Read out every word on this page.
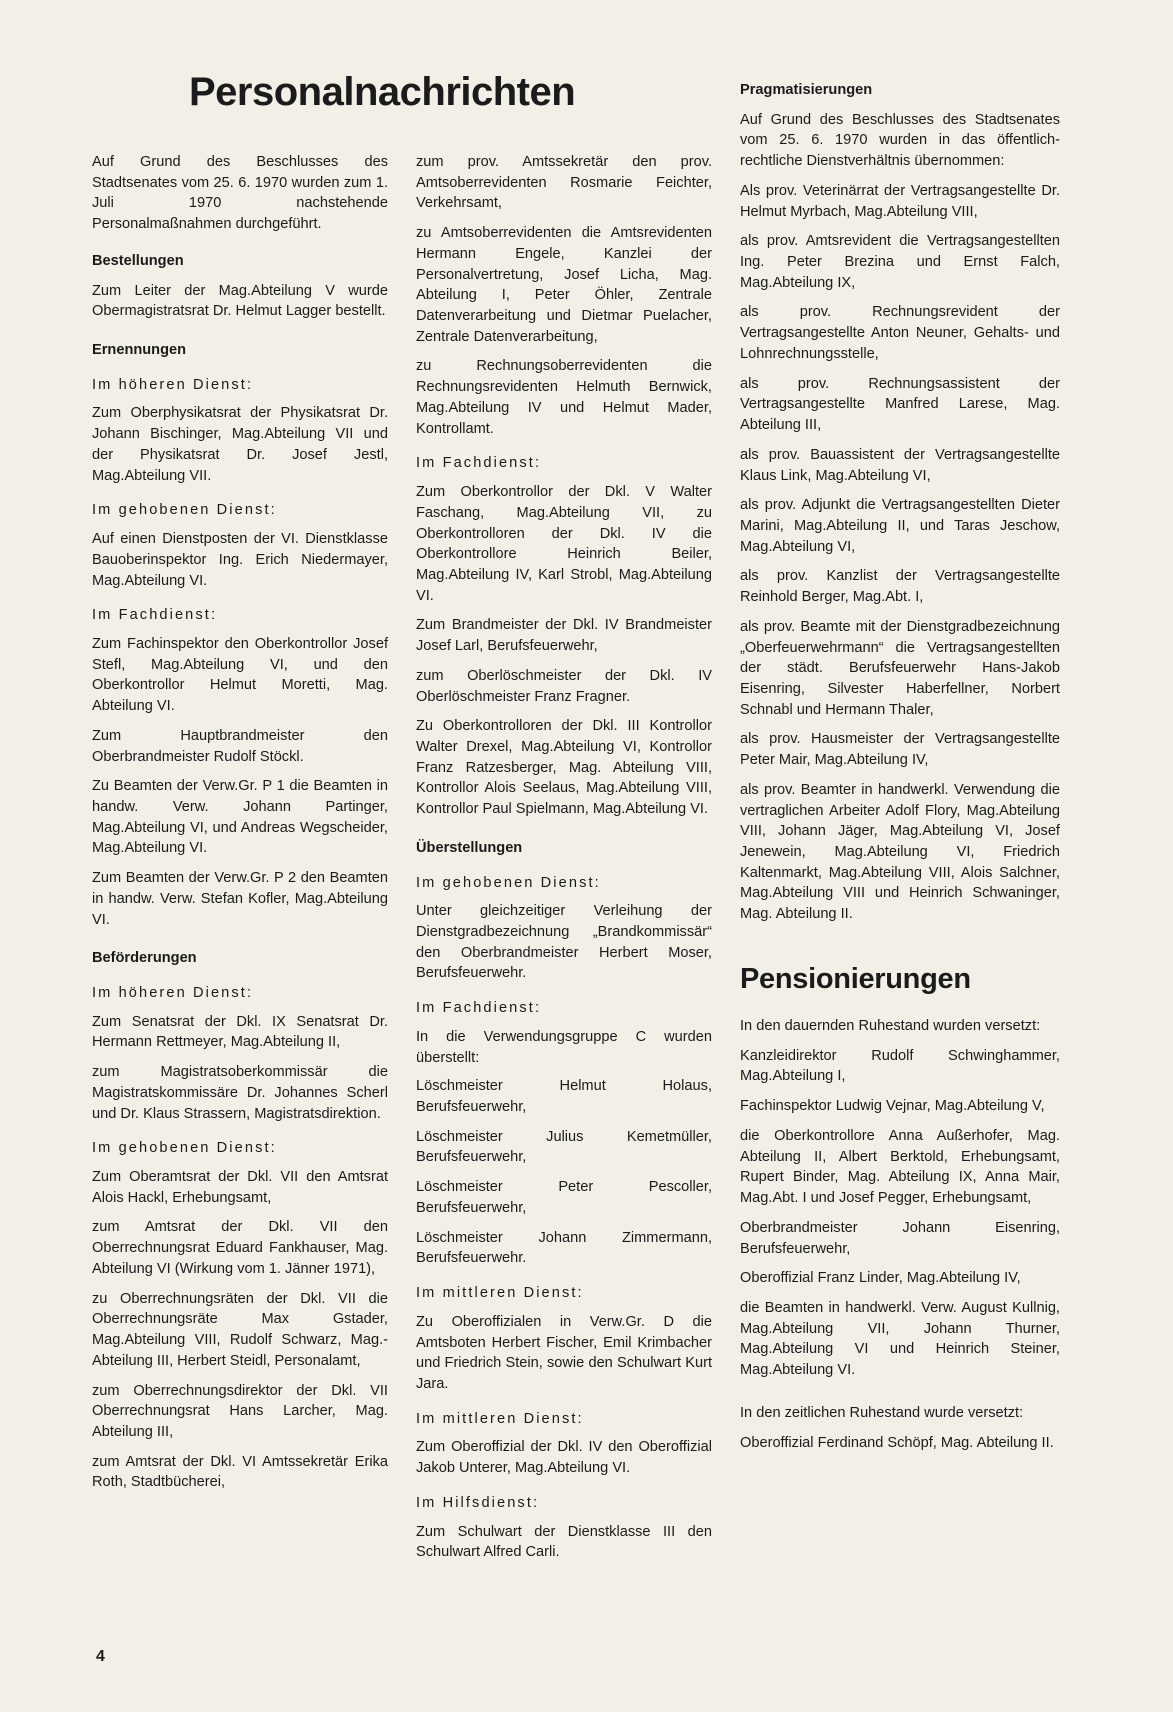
Personalnachrichten

Auf Grund des Beschlusses des Stadtsenates vom 25. 6. 1970 wurden zum 1. Juli 1970 nachstehende Personalmaßnahmen durchgeführt.

Bestellungen

Zum Leiter der Mag.Abteilung V wurde Obermagistratsrat Dr. Helmut Lagger bestellt.

Ernennungen
Im höheren Dienst:

Zum Oberphysikatsrat der Physikatsrat Dr. Johann Bischinger, Mag.Abteilung VII und der Physikatsrat Dr. Josef Jestl, Mag.Abteilung VII.

Im gehobenen Dienst:

Auf einen Dienstposten der VI. Dienstklasse Bauoberinspektor Ing. Erich Niedermayer, Mag.Abteilung VI.

Im Fachdienst:

Zum Fachinspektor den Oberkontrollor Josef Stefl, Mag.Abteilung VI, und den Oberkontrollor Helmut Moretti, Mag. Abteilung VI.

Zum Hauptbrandmeister den Oberbrandmeister Rudolf Stöckl.

Zu Beamten der Verw.Gr. P 1 die Beamten in handw. Verw. Johann Partinger, Mag.Abteilung VI, und Andreas Wegscheider, Mag.Abteilung VI.

Zum Beamten der Verw.Gr. P 2 den Beamten in handw. Verw. Stefan Kofler, Mag.Abteilung VI.

Beförderungen
Im höheren Dienst:

Zum Senatsrat der Dkl. IX Senatsrat Dr. Hermann Rettmeyer, Mag.Abteilung II,

zum Magistratsoberkommissär die Magistratskommissäre Dr. Johannes Scherl und Dr. Klaus Strassern, Magistratsdirektion.

Im gehobenen Dienst:

Zum Oberamtsrat der Dkl. VII den Amtsrat Alois Hackl, Erhebungsamt,

zum Amtsrat der Dkl. VII den Oberrechnungsrat Eduard Fankhauser, Mag. Abteilung VI (Wirkung vom 1. Jänner 1971),

zu Oberrechnungsräten der Dkl. VII die Oberrechnungsräte Max Gstader, Mag.Abteilung VIII, Rudolf Schwarz, Mag.-Abteilung III, Herbert Steidl, Personalamt,

zum Oberrechnungsdirektor der Dkl. VII Oberrechnungsrat Hans Larcher, Mag. Abteilung III,

zum Amtsrat der Dkl. VI Amtssekretär Erika Roth, Stadtbücherei,

zum prov. Amtssekretär den prov. Amtsoberrevidenten Rosmarie Feichter, Verkehrsamt,

zu Amtsoberrevidenten die Amtsrevidenten Hermann Engele, Kanzlei der Personalvertretung, Josef Licha, Mag. Abteilung I, Peter Öhler, Zentrale Datenverarbeitung und Dietmar Puelacher, Zentrale Datenverarbeitung,

zu Rechnungsoberrevidenten die Rechnungsrevidenten Helmuth Bernwick, Mag.Abteilung IV und Helmut Mader, Kontrollamt.

Im Fachdienst:

Zum Oberkontrollor der Dkl. V Walter Faschang, Mag.Abteilung VII, zu Oberkontrolloren der Dkl. IV die Oberkontrollore Heinrich Beiler, Mag.Abteilung IV, Karl Strobl, Mag.Abteilung VI.

Zum Brandmeister der Dkl. IV Brandmeister Josef Larl, Berufsfeuerwehr,

zum Oberlöschmeister der Dkl. IV Oberlöschmeister Franz Fragner.

Zu Oberkontrolloren der Dkl. III Kontrollor Walter Drexel, Mag.Abteilung VI, Kontrollor Franz Ratzesberger, Mag. Abteilung VIII, Kontrollor Alois Seelaus, Mag.Abteilung VIII, Kontrollor Paul Spielmann, Mag.Abteilung VI.

Überstellungen
Im gehobenen Dienst:

Unter gleichzeitiger Verleihung der Dienstgradbezeichnung „Brandkommissär“ den Oberbrandmeister Herbert Moser, Berufsfeuerwehr.

Im Fachdienst:

In die Verwendungsgruppe C wurden überstellt:

Löschmeister Helmut Holaus, Berufsfeuerwehr,

Löschmeister Julius Kemetmüller, Berufsfeuerwehr,

Löschmeister Peter Pescoller, Berufsfeuerwehr,

Löschmeister Johann Zimmermann, Berufsfeuerwehr.

Im mittleren Dienst:

Zu Oberoffizialen in Verw.Gr. D die Amtsboten Herbert Fischer, Emil Krimbacher und Friedrich Stein, sowie den Schulwart Kurt Jara.

Im mittleren Dienst:

Zum Oberoffizial der Dkl. IV den Oberoffizial Jakob Unterer, Mag.Abteilung VI.

Im Hilfsdienst:

Zum Schulwart der Dienstklasse III den Schulwart Alfred Carli.

Pragmatisierungen

Auf Grund des Beschlusses des Stadtsenates vom 25. 6. 1970 wurden in das öffentlich-rechtliche Dienstverhältnis übernommen:

Als prov. Veterinärrat der Vertragsangestellte Dr. Helmut Myrbach, Mag.Abteilung VIII,

als prov. Amtsrevident die Vertragsangestellten Ing. Peter Brezina und Ernst Falch, Mag.Abteilung IX,

als prov. Rechnungsrevident der Vertragsangestellte Anton Neuner, Gehalts- und Lohnrechnungsstelle,

als prov. Rechnungsassistent der Vertragsangestellte Manfred Larese, Mag. Abteilung III,

als prov. Bauassistent der Vertragsangestellte Klaus Link, Mag.Abteilung VI,

als prov. Adjunkt die Vertragsangestellten Dieter Marini, Mag.Abteilung II, und Taras Jeschow, Mag.Abteilung VI,

als prov. Kanzlist der Vertragsangestellte Reinhold Berger, Mag.Abt. I,

als prov. Beamte mit der Dienstgradbezeichnung „Oberfeuerwehrmann“ die Vertragsangestellten der städt. Berufsfeuerwehr Hans-Jakob Eisenring, Silvester Haberfellner, Norbert Schnabl und Hermann Thaler,

als prov. Hausmeister der Vertragsangestellte Peter Mair, Mag.Abteilung IV,

als prov. Beamter in handwerkl. Verwendung die vertraglichen Arbeiter Adolf Flory, Mag.Abteilung VIII, Johann Jäger, Mag.Abteilung VI, Josef Jenewein, Mag.Abteilung VI, Friedrich Kaltenmarkt, Mag.Abteilung VIII, Alois Salchner, Mag.Abteilung VIII und Heinrich Schwaninger, Mag. Abteilung II.

Pensionierungen

In den dauernden Ruhestand wurden versetzt:

Kanzleidirektor Rudolf Schwinghammer, Mag.Abteilung I,

Fachinspektor Ludwig Vejnar, Mag.Abteilung V,

die Oberkontrollore Anna Außerhofer, Mag. Abteilung II, Albert Berktold, Erhebungsamt, Rupert Binder, Mag. Abteilung IX, Anna Mair, Mag.Abt. I und Josef Pegger, Erhebungsamt,

Oberbrandmeister Johann Eisenring, Berufsfeuerwehr,

Oberoffizial Franz Linder, Mag.Abteilung IV,

die Beamten in handwerkl. Verw. August Kullnig, Mag.Abteilung VII, Johann Thurner, Mag.Abteilung VI und Heinrich Steiner, Mag.Abteilung VI.

In den zeitlichen Ruhestand wurde versetzt:

Oberoffizial Ferdinand Schöpf, Mag. Abteilung II.

4
